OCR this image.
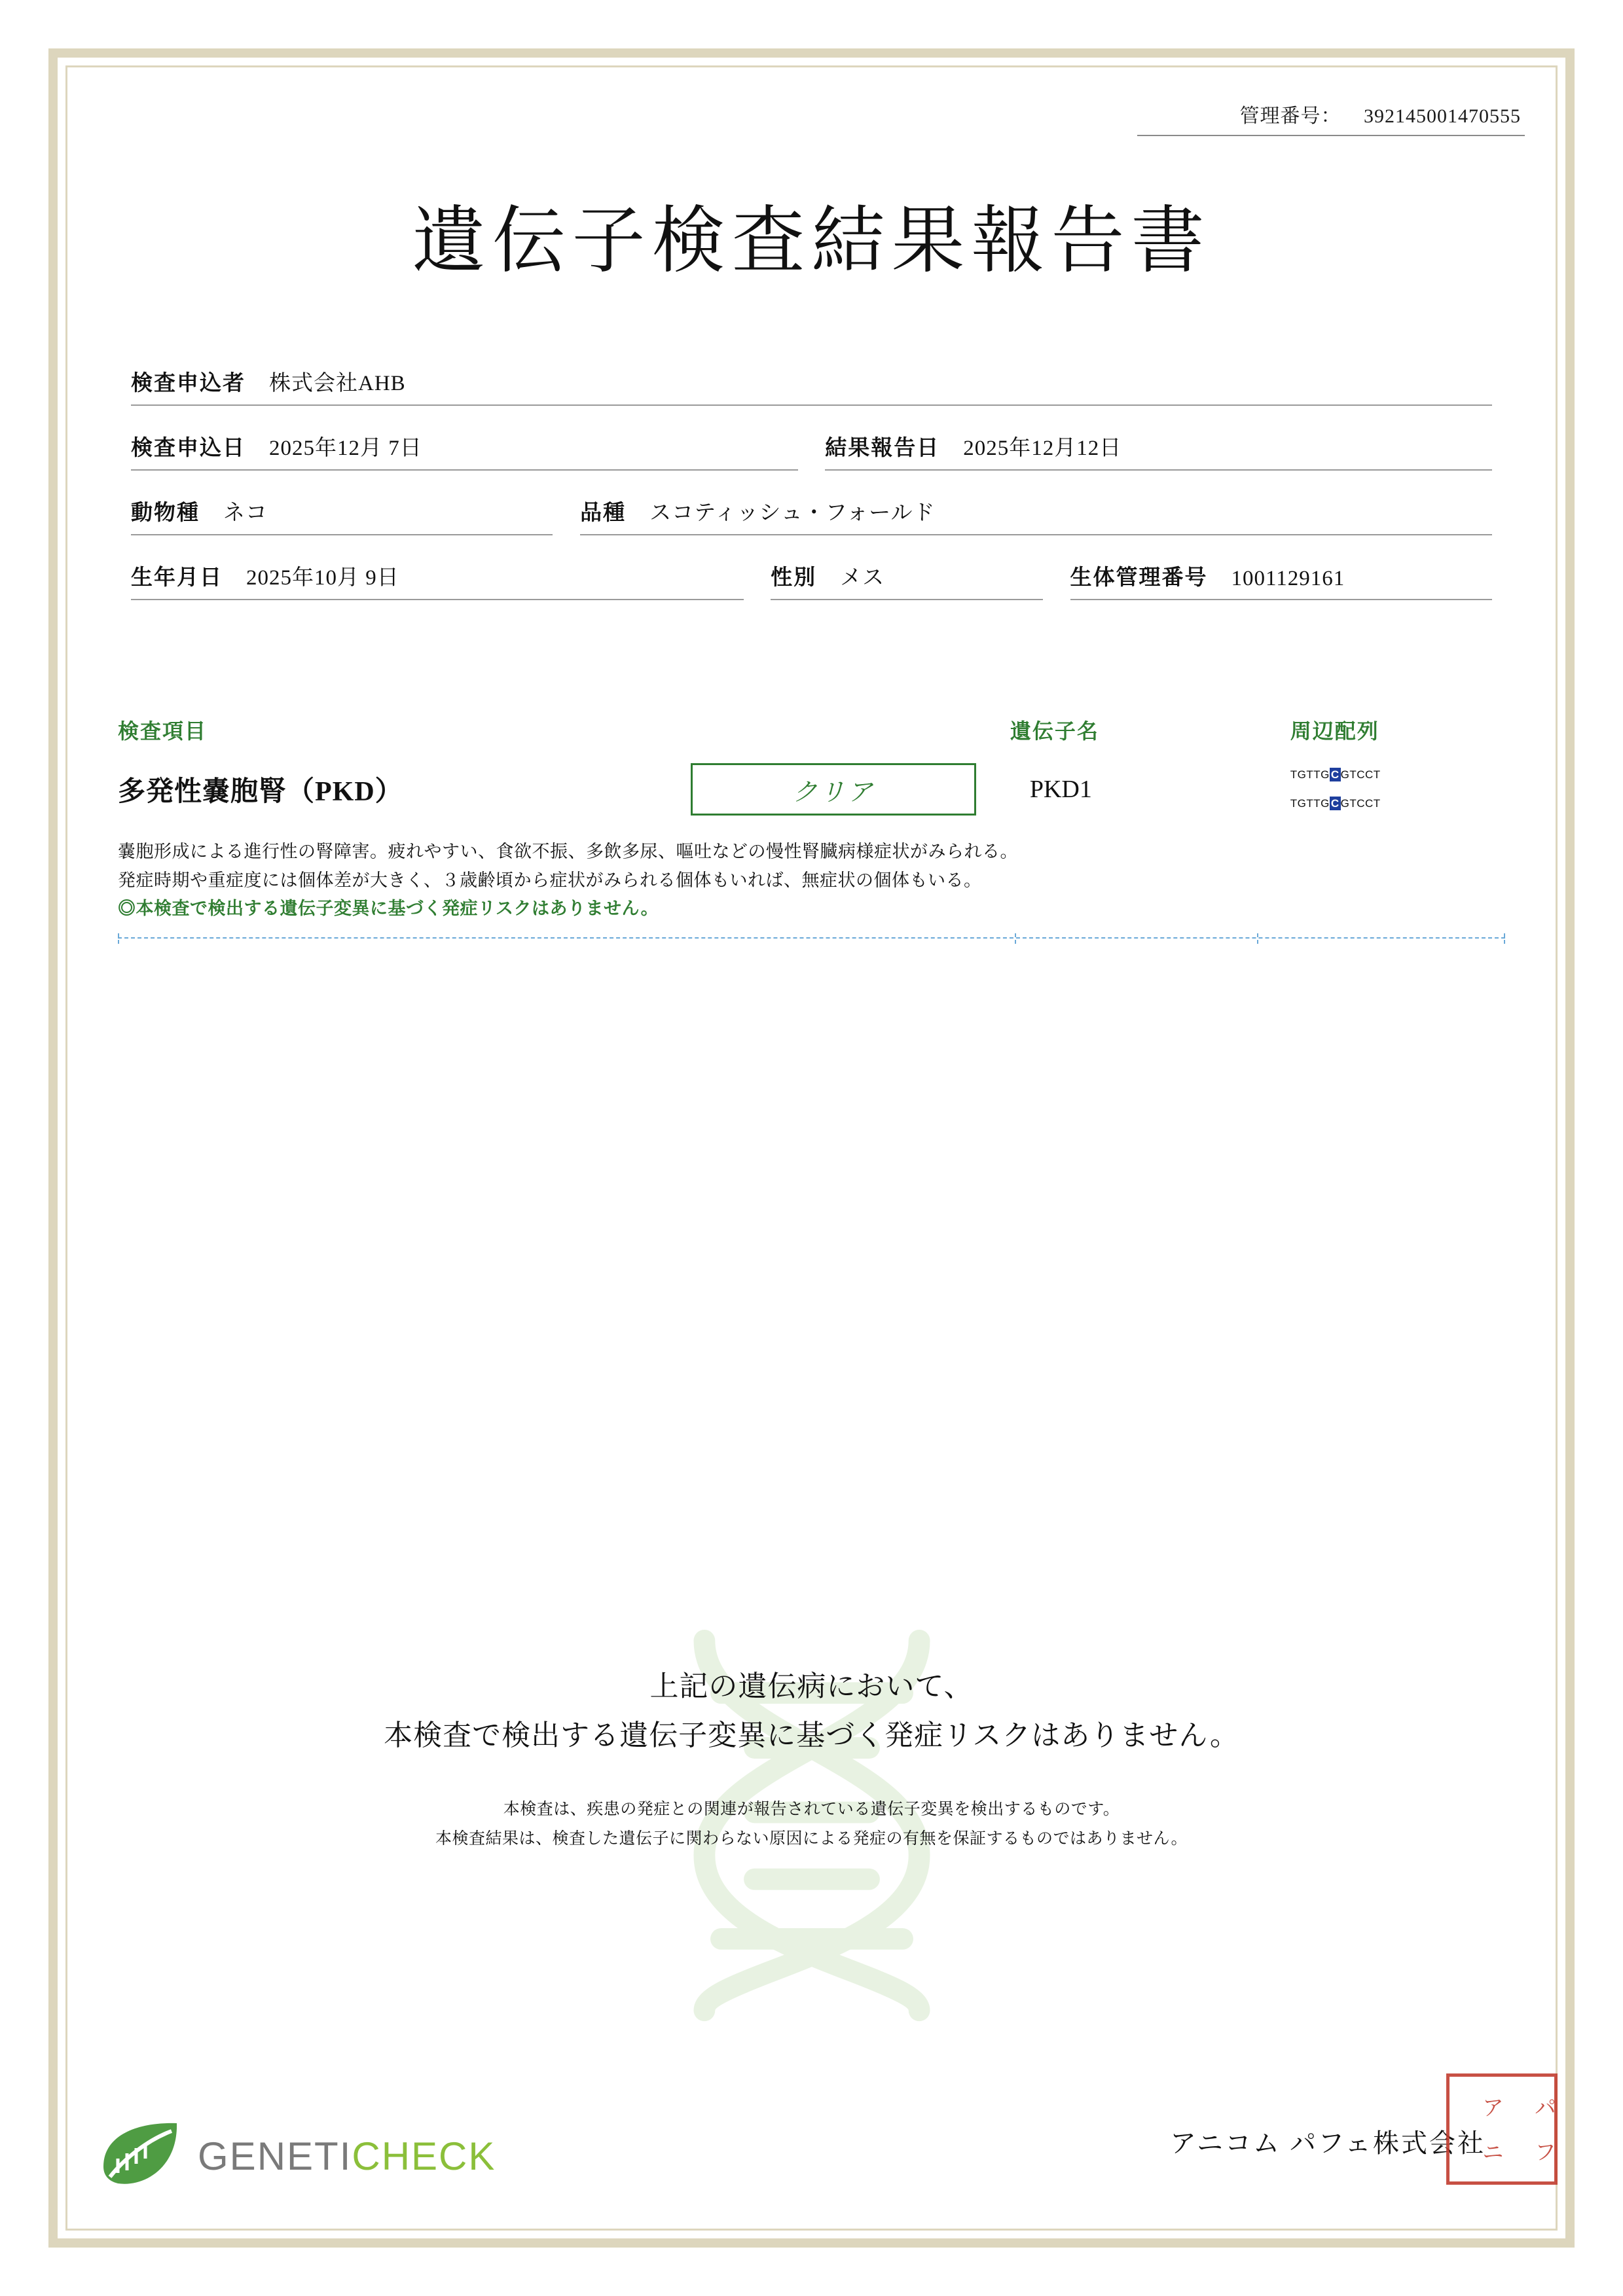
管理番号： 392145001470555
遺伝子検査結果報告書
検査申込者 株式会社AHB
検査申込日 2025年12月 7日	結果報告日 2025年12月12日
動物種 ネコ	品種 スコティッシュ・フォールド
生年月日 2025年10月 9日	性別 メス	生体管理番号 1001129161
検査項目	遺伝子名	周辺配列
多発性嚢胞腎（PKD）	クリア	PKD1
TGTTG C GTCCT
TGTTG C GTCCT
嚢胞形成による進行性の腎障害。疲れやすい、食欲不振、多飲多尿、嘔吐などの慢性腎臓病様症状がみられる。
発症時期や重症度には個体差が大きく、３歳齢頃から症状がみられる個体もいれば、無症状の個体もいる。
◎本検査で検出する遺伝子変異に基づく発症リスクはありません。
上記の遺伝病において、
本検査で検出する遺伝子変異に基づく発症リスクはありません。
本検査は、疾患の発症との関連が報告されている遺伝子変異を検出するものです。
本検査結果は、検査した遺伝子に関わらない原因による発症の有無を保証するものではありません。
GENETICHECK	アニコム パフェ株式会社
ア	パ
ニ	フ
